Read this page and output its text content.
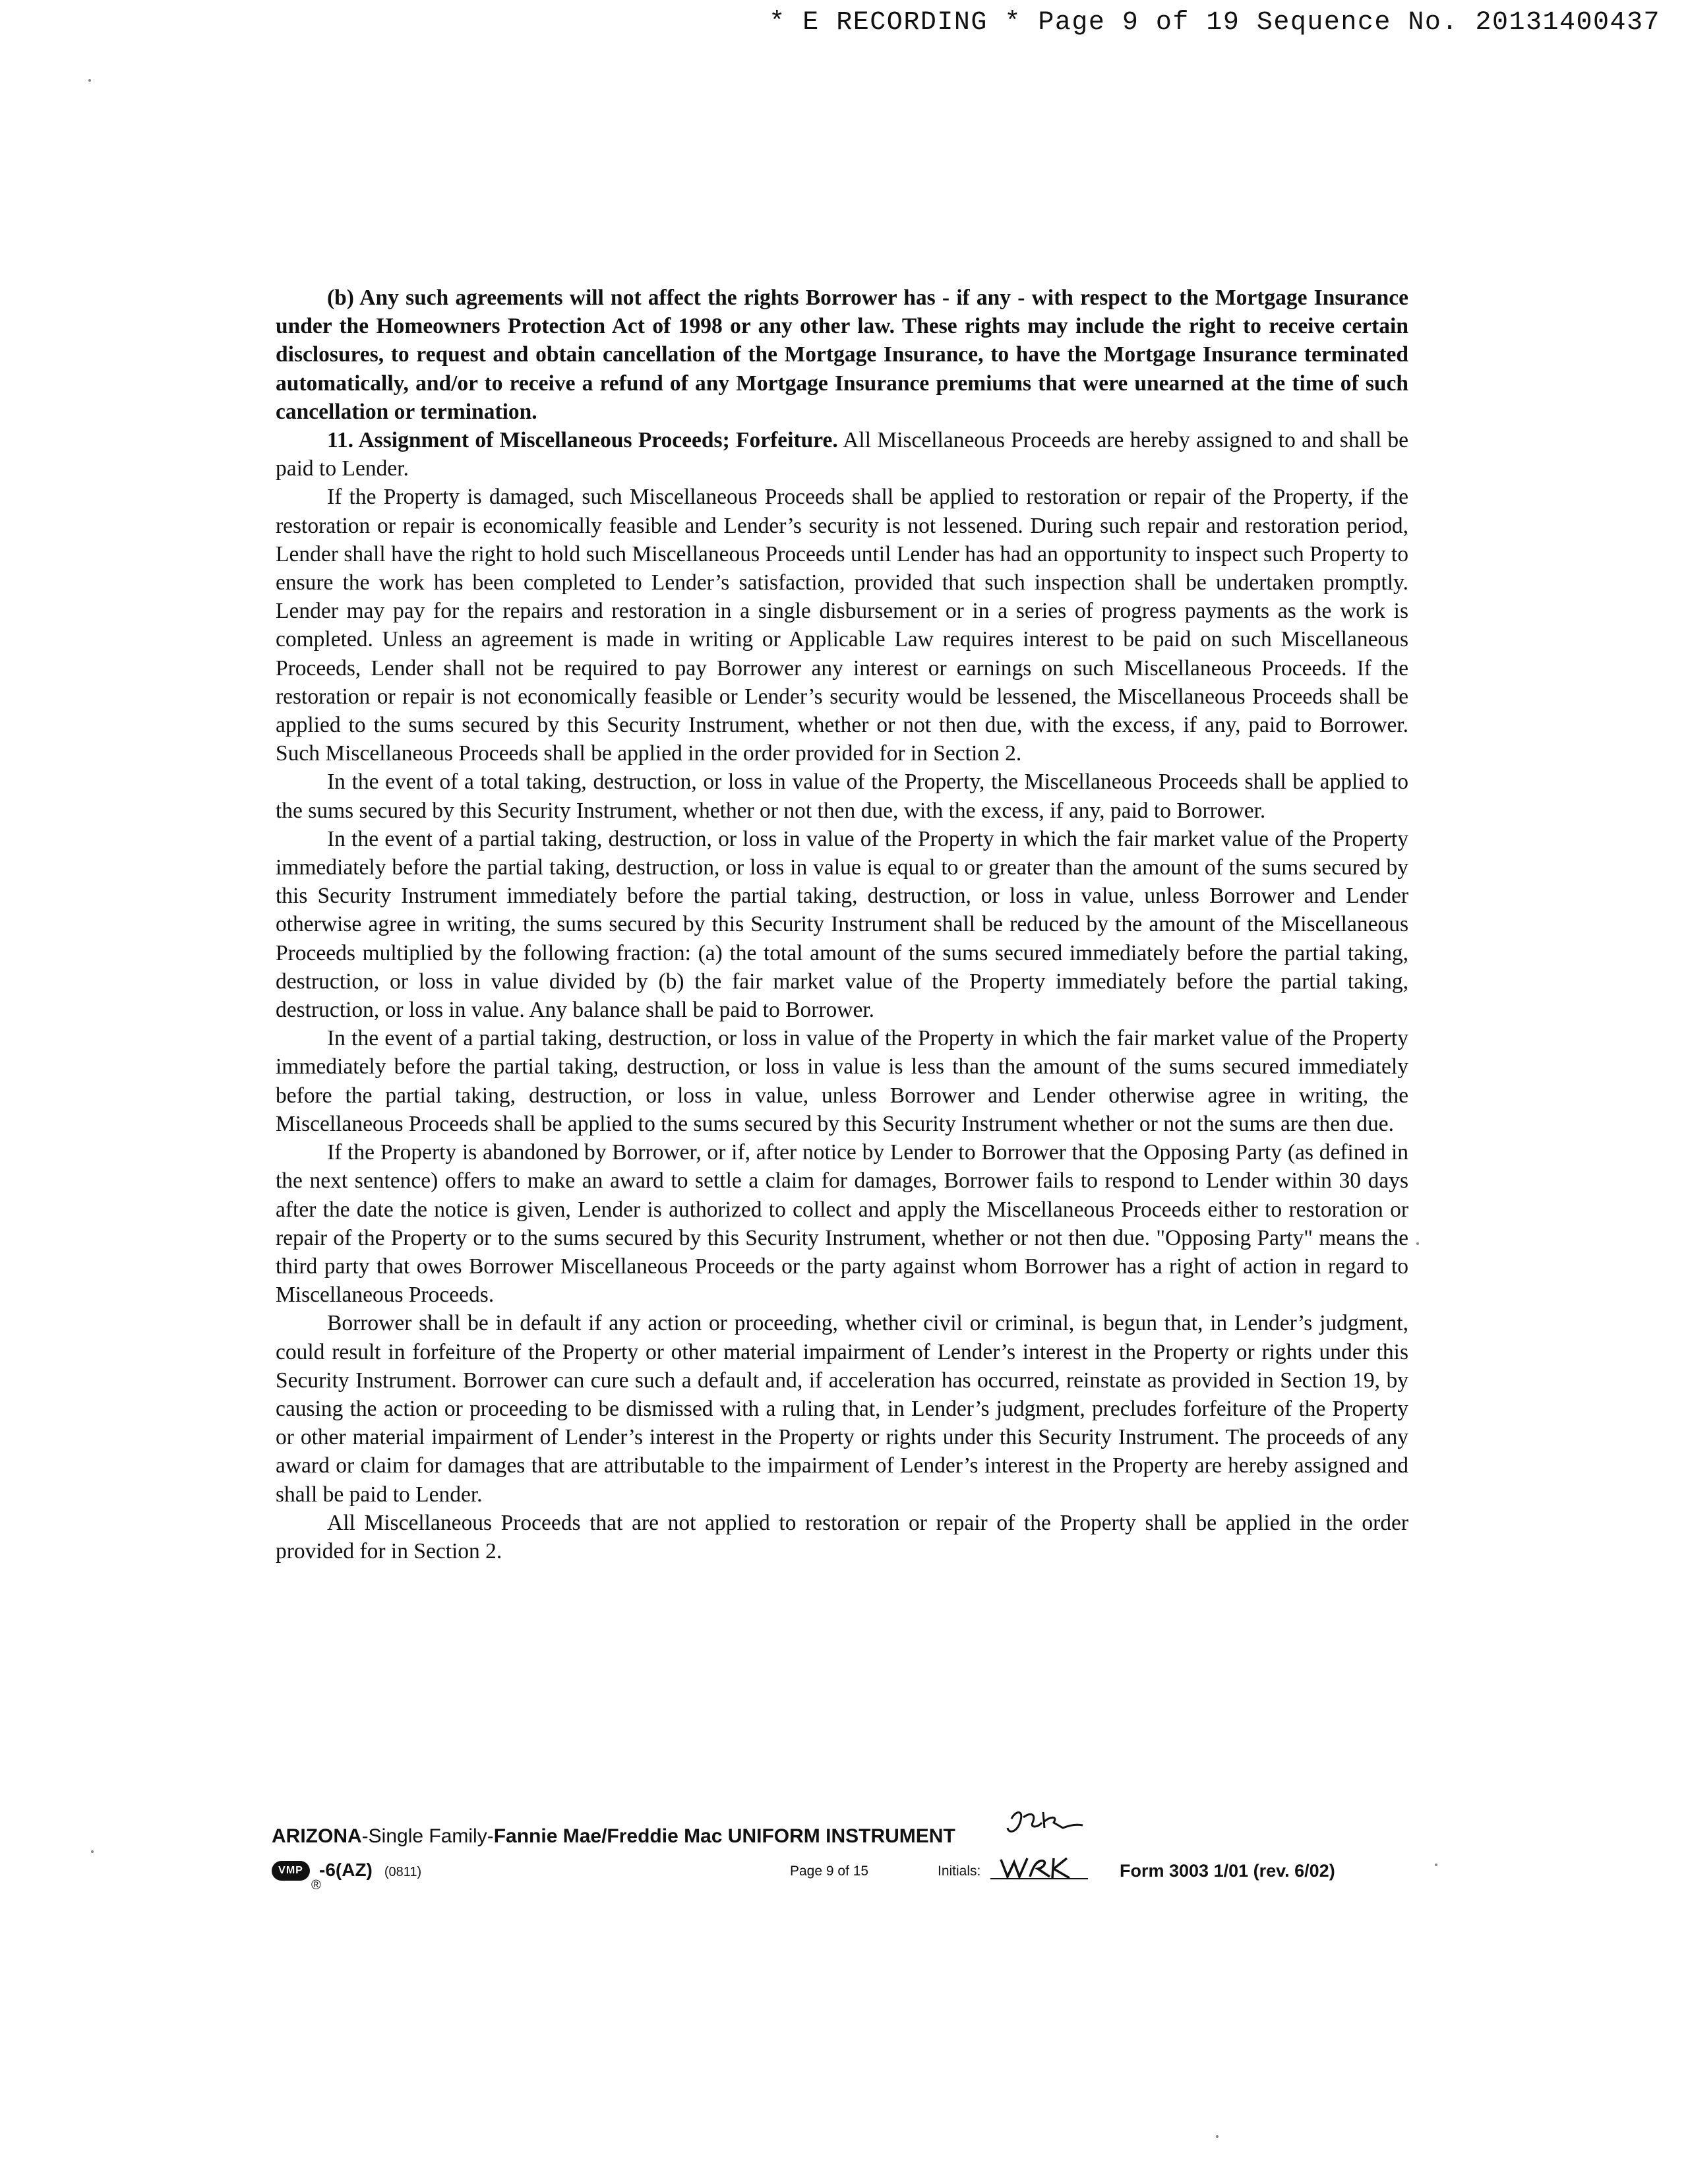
* E RECORDING * Page 9 of 19 Sequence No. 20131400437

(b) Any such agreements will not affect the rights Borrower has - if any - with respect to the Mortgage Insurance under the Homeowners Protection Act of 1998 or any other law. These rights may include the right to receive certain disclosures, to request and obtain cancellation of the Mortgage Insurance, to have the Mortgage Insurance terminated automatically, and/or to receive a refund of any Mortgage Insurance premiums that were unearned at the time of such cancellation or termination.

11. Assignment of Miscellaneous Proceeds; Forfeiture. All Miscellaneous Proceeds are hereby assigned to and shall be paid to Lender.

If the Property is damaged, such Miscellaneous Proceeds shall be applied to restoration or repair of the Property, if the restoration or repair is economically feasible and Lender’s security is not lessened. During such repair and restoration period, Lender shall have the right to hold such Miscellaneous Proceeds until Lender has had an opportunity to inspect such Property to ensure the work has been completed to Lender’s satisfaction, provided that such inspection shall be undertaken promptly. Lender may pay for the repairs and restoration in a single disbursement or in a series of progress payments as the work is completed. Unless an agreement is made in writing or Applicable Law requires interest to be paid on such Miscellaneous Proceeds, Lender shall not be required to pay Borrower any interest or earnings on such Miscellaneous Proceeds. If the restoration or repair is not economically feasible or Lender’s security would be lessened, the Miscellaneous Proceeds shall be applied to the sums secured by this Security Instrument, whether or not then due, with the excess, if any, paid to Borrower. Such Miscellaneous Proceeds shall be applied in the order provided for in Section 2.

In the event of a total taking, destruction, or loss in value of the Property, the Miscellaneous Proceeds shall be applied to the sums secured by this Security Instrument, whether or not then due, with the excess, if any, paid to Borrower.

In the event of a partial taking, destruction, or loss in value of the Property in which the fair market value of the Property immediately before the partial taking, destruction, or loss in value is equal to or greater than the amount of the sums secured by this Security Instrument immediately before the partial taking, destruction, or loss in value, unless Borrower and Lender otherwise agree in writing, the sums secured by this Security Instrument shall be reduced by the amount of the Miscellaneous Proceeds multiplied by the following fraction: (a) the total amount of the sums secured immediately before the partial taking, destruction, or loss in value divided by (b) the fair market value of the Property immediately before the partial taking, destruction, or loss in value. Any balance shall be paid to Borrower.

In the event of a partial taking, destruction, or loss in value of the Property in which the fair market value of the Property immediately before the partial taking, destruction, or loss in value is less than the amount of the sums secured immediately before the partial taking, destruction, or loss in value, unless Borrower and Lender otherwise agree in writing, the Miscellaneous Proceeds shall be applied to the sums secured by this Security Instrument whether or not the sums are then due.

If the Property is abandoned by Borrower, or if, after notice by Lender to Borrower that the Opposing Party (as defined in the next sentence) offers to make an award to settle a claim for damages, Borrower fails to respond to Lender within 30 days after the date the notice is given, Lender is authorized to collect and apply the Miscellaneous Proceeds either to restoration or repair of the Property or to the sums secured by this Security Instrument, whether or not then due. "Opposing Party" means the third party that owes Borrower Miscellaneous Proceeds or the party against whom Borrower has a right of action in regard to Miscellaneous Proceeds.

Borrower shall be in default if any action or proceeding, whether civil or criminal, is begun that, in Lender’s judgment, could result in forfeiture of the Property or other material impairment of Lender’s interest in the Property or rights under this Security Instrument. Borrower can cure such a default and, if acceleration has occurred, reinstate as provided in Section 19, by causing the action or proceeding to be dismissed with a ruling that, in Lender’s judgment, precludes forfeiture of the Property or other material impairment of Lender’s interest in the Property or rights under this Security Instrument. The proceeds of any award or claim for damages that are attributable to the impairment of Lender’s interest in the Property are hereby assigned and shall be paid to Lender.

All Miscellaneous Proceeds that are not applied to restoration or repair of the Property shall be applied in the order provided for in Section 2.

ARIZONA-Single Family-Fannie Mae/Freddie Mac UNIFORM INSTRUMENT
VMP
®
-6(AZ) (0811)	Page 9 of 15	Initials:	Form 3003 1/01 (rev. 6/02)
